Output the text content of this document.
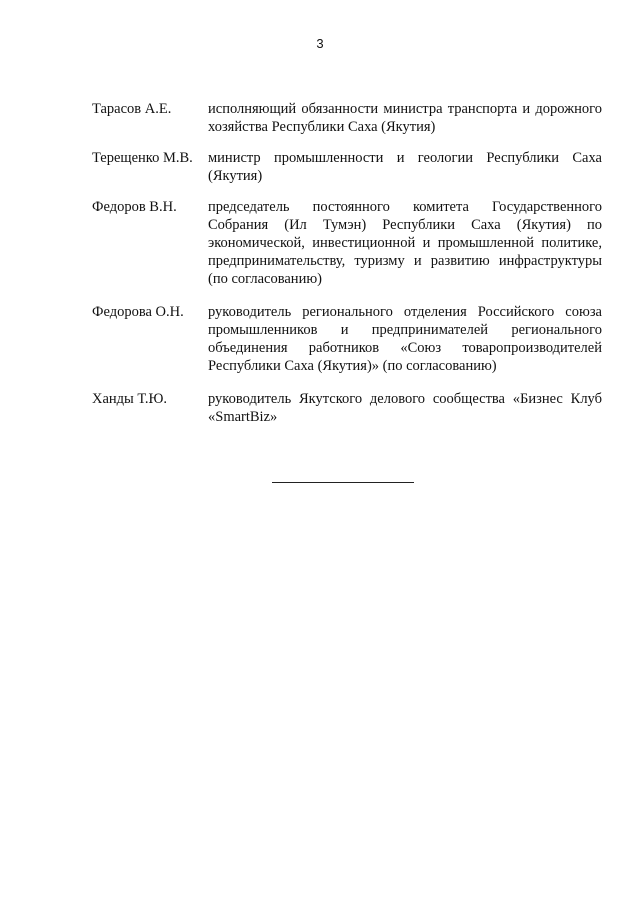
3
Тарасов А.Е.	исполняющий обязанности министра транспорта и дорожного хозяйства Республики Саха (Якутия)
Терещенко М.В.	министр промышленности и геологии Республики Саха (Якутия)
Федоров В.Н.	председатель постоянного комитета Государственного Собрания (Ил Тумэн) Республики Саха (Якутия) по экономической, инвестиционной и промышленной политике, предпринимательству, туризму и развитию инфраструктуры (по согласованию)
Федорова О.Н.	руководитель регионального отделения Российского союза промышленников и предпринимателей регионального объединения работников «Союз товаропроизводителей Республики Саха (Якутия)» (по согласованию)
Ханды Т.Ю.	руководитель Якутского делового сообщества «Бизнес Клуб «SmartBiz»
